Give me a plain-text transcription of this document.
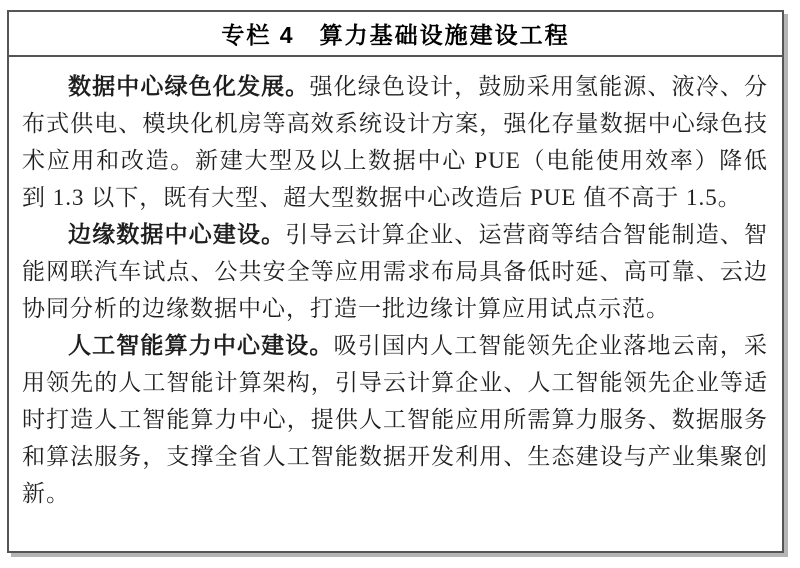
专栏 4　算力基础设施建设工程

数据中心绿色化发展。强化绿色设计，鼓励采用氢能源、液冷、分布式供电、模块化机房等高效系统设计方案，强化存量数据中心绿色技术应用和改造。新建大型及以上数据中心 PUE（电能使用效率）降低到 1.3 以下，既有大型、超大型数据中心改造后 PUE 值不高于 1.5。

边缘数据中心建设。引导云计算企业、运营商等结合智能制造、智能网联汽车试点、公共安全等应用需求布局具备低时延、高可靠、云边协同分析的边缘数据中心，打造一批边缘计算应用试点示范。

人工智能算力中心建设。吸引国内人工智能领先企业落地云南，采用领先的人工智能计算架构，引导云计算企业、人工智能领先企业等适时打造人工智能算力中心，提供人工智能应用所需算力服务、数据服务和算法服务，支撑全省人工智能数据开发利用、生态建设与产业集聚创新。
